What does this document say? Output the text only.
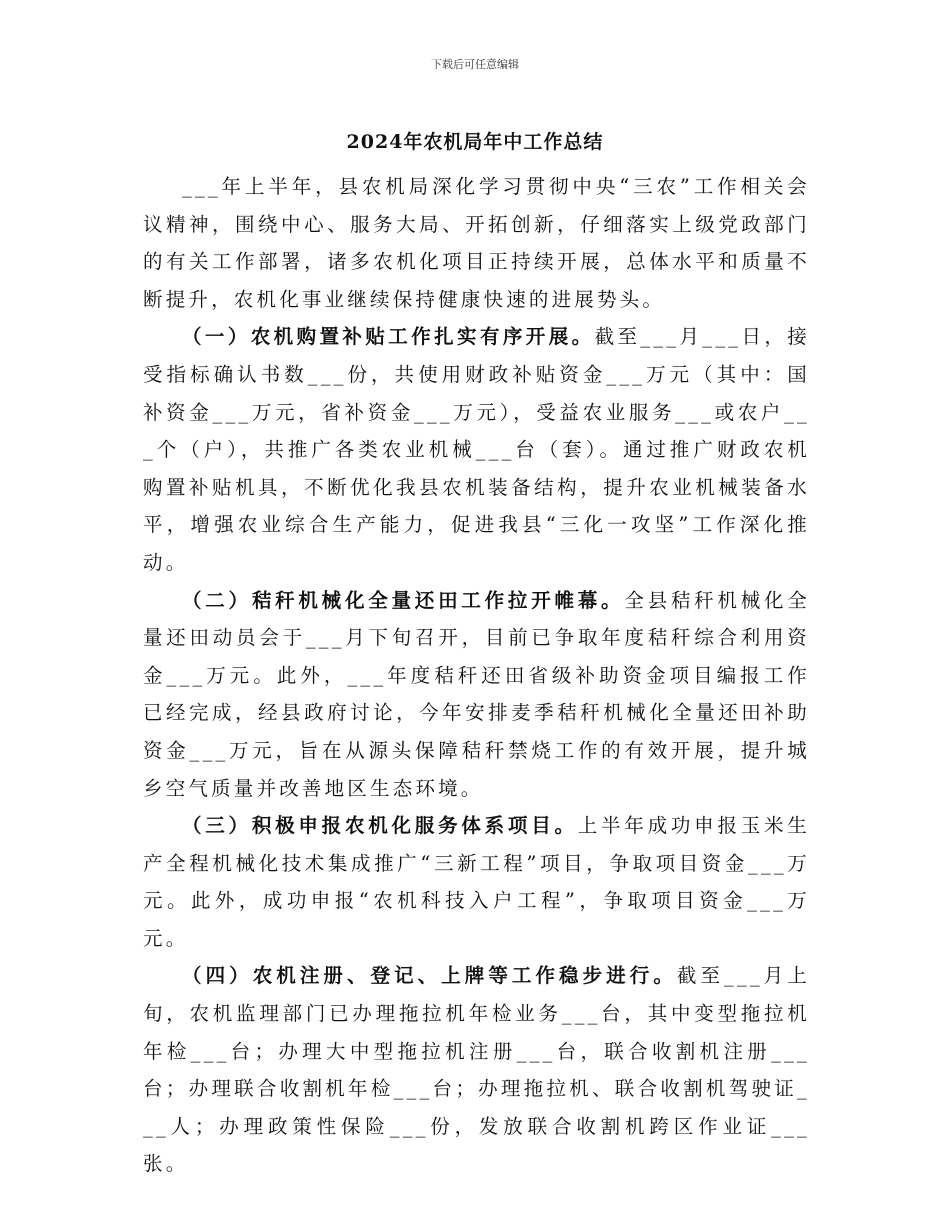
下载后可任意编辑
2024年农机局年中工作总结

___年上半年，县农机局深化学习贯彻中央“三农”工作相关会议精神，围绕中心、服务大局、开拓创新，仔细落实上级党政部门的有关工作部署，诸多农机化项目正持续开展，总体水平和质量不断提升，农机化事业继续保持健康快速的进展势头。

（一）农机购置补贴工作扎实有序开展。截至___月___日，接受指标确认书数___份，共使用财政补贴资金___万元（其中：国补资金___万元，省补资金___万元），受益农业服务___或农户___个（户），共推广各类农业机械___台（套）。通过推广财政农机购置补贴机具，不断优化我县农机装备结构，提升农业机械装备水平，增强农业综合生产能力，促进我县“三化一攻坚”工作深化推动。

（二）秸秆机械化全量还田工作拉开帷幕。全县秸秆机械化全量还田动员会于___月下旬召开，目前已争取年度秸秆综合利用资金___万元。此外，___年度秸秆还田省级补助资金项目编报工作已经完成，经县政府讨论，今年安排麦季秸秆机械化全量还田补助资金___万元，旨在从源头保障秸秆禁烧工作的有效开展，提升城乡空气质量并改善地区生态环境。

（三）积极申报农机化服务体系项目。上半年成功申报玉米生产全程机械化技术集成推广“三新工程”项目，争取项目资金___万元。此外，成功申报“农机科技入户工程”，争取项目资金___万元。

（四）农机注册、登记、上牌等工作稳步进行。截至___月上旬，农机监理部门已办理拖拉机年检业务___台，其中变型拖拉机年检___台；办理大中型拖拉机注册___台，联合收割机注册___台；办理联合收割机年检___台；办理拖拉机、联合收割机驾驶证___人；办理政策性保险___份，发放联合收割机跨区作业证___张。
